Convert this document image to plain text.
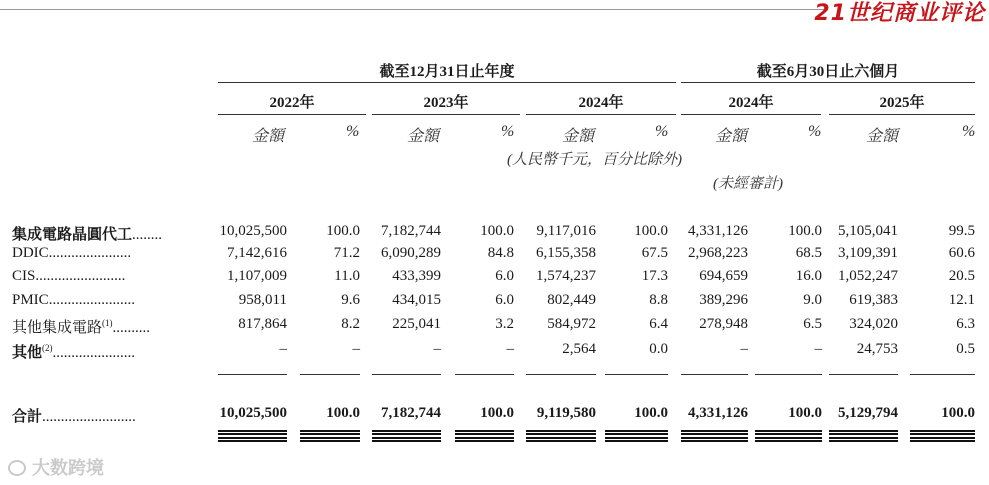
21世纪商业评论
截至12月31日止年度	截至6月30日止六個月
2022年	2023年	2024年	2024年	2025年
金額	%	金額	%	金額	%	金額	%	金額	%
(人民幣千元，百分比除外)
(未經審計)
大数跨境
集成電路晶圓代工........	10,025,500	100.0	7,182,744	100.0	9,117,016	100.0	4,331,126	100.0	5,105,041	99.5
DDIC......................	7,142,616	71.2	6,090,289	84.8	6,155,358	67.5	2,968,223	68.5	3,109,391	60.6
CIS........................	1,107,009	11.0	433,399	6.0	1,574,237	17.3	694,659	16.0	1,052,247	20.5
PMIC.......................	958,011	9.6	434,015	6.0	802,449	8.8	389,296	9.0	619,383	12.1
其他集成電路$^{(1)}$..........	817,864	8.2	225,041	3.2	584,972	6.4	278,948	6.5	324,020	6.3
其他$^{(2)}$......................	–	–	–	–	2,564	0.0	–	–	24,753	0.5
合計.........................	10,025,500	100.0	7,182,744	100.0	9,119,580	100.0	4,331,126	100.0	5,129,794	100.0
